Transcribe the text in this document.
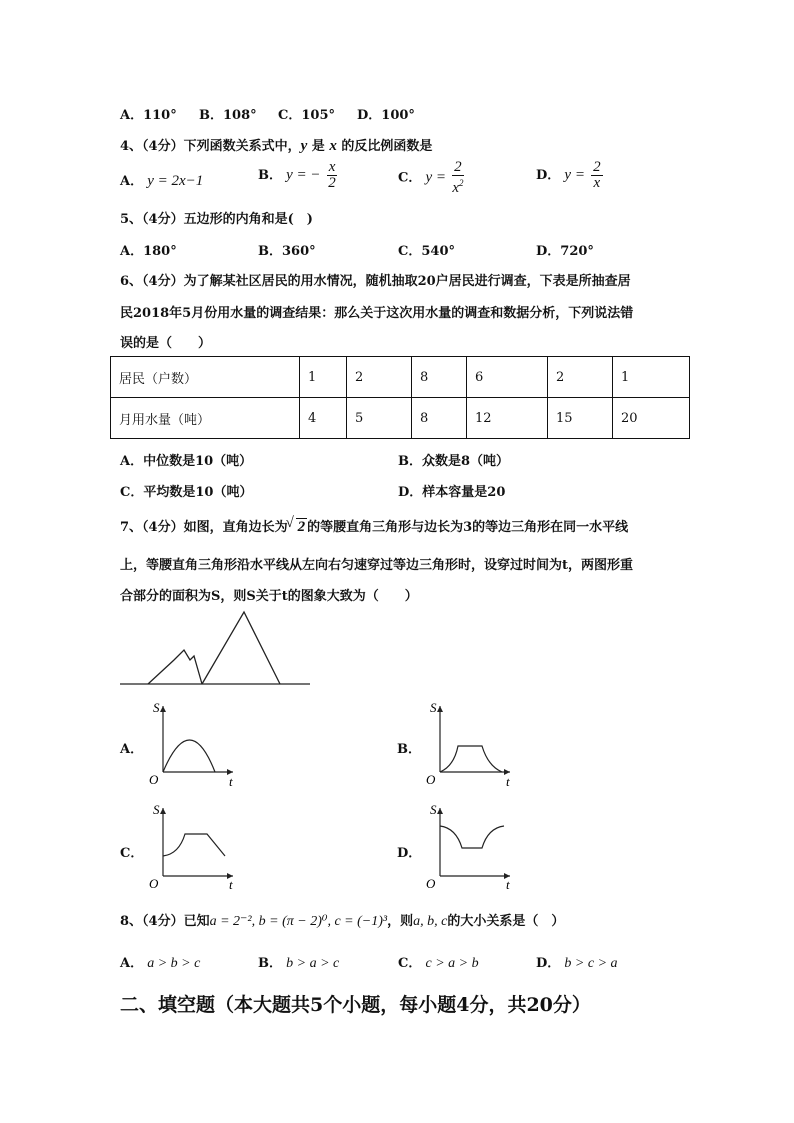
A．110° B．108° C．105° D．100°
4、（4分）下列函数关系式中，y 是 x 的反比例函数是
A． y = 2x−1	B． y = − $\frac{x}{2}$	C． $y = \frac{2}{x^2}$	D． $y = \frac{2}{x}$
5、（4分）五边形的内角和是(　)
A．180°	B．360°	C．540°	D．720°
6、（4分）为了解某社区居民的用水情况，随机抽取20户居民进行调查，下表是所抽查居
民2018年5月份用水量的调查结果：那么关于这次用水量的调查和数据分析，下列说法错
误的是（　　）
居民（户数）	1	2	8	6	2	1
月用水量（吨）	4	5	8	12	15	20
A．中位数是10（吨）	B．众数是8（吨）
C．平均数是10（吨）	D．样本容量是20
7、（4分）如图，直角边长为 √ 2 的等腰直角三角形与边长为3的等边三角形在同一水平线
上，等腰直角三角形沿水平线从左向右匀速穿过等边三角形时，设穿过时间为t，两图形重
合部分的面积为S，则S关于t的图象大致为（　　）
A．	B．
C．	D．
S
t
O
S
t
O
S
t
O
S
t
O
8、（4分）已知a = 2⁻², b = (π − 2)⁰, c = (−1)³，则a, b, c的大小关系是（　）
A． a > b > c	B． b > a > c	C． c > a > b	D． b > c > a
二、填空题（本大题共5个小题，每小题4分，共20分）
